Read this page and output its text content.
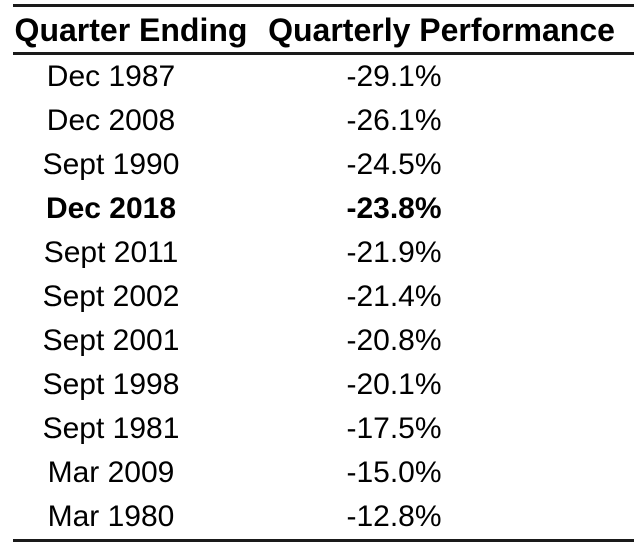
Quarter Ending	Quarterly Performance
Dec 1987	-29.1%
Dec 2008	-26.1%
Sept 1990	-24.5%
Dec 2018	-23.8%
Sept 2011	-21.9%
Sept 2002	-21.4%
Sept 2001	-20.8%
Sept 1998	-20.1%
Sept 1981	-17.5%
Mar 2009	-15.0%
Mar 1980	-12.8%
